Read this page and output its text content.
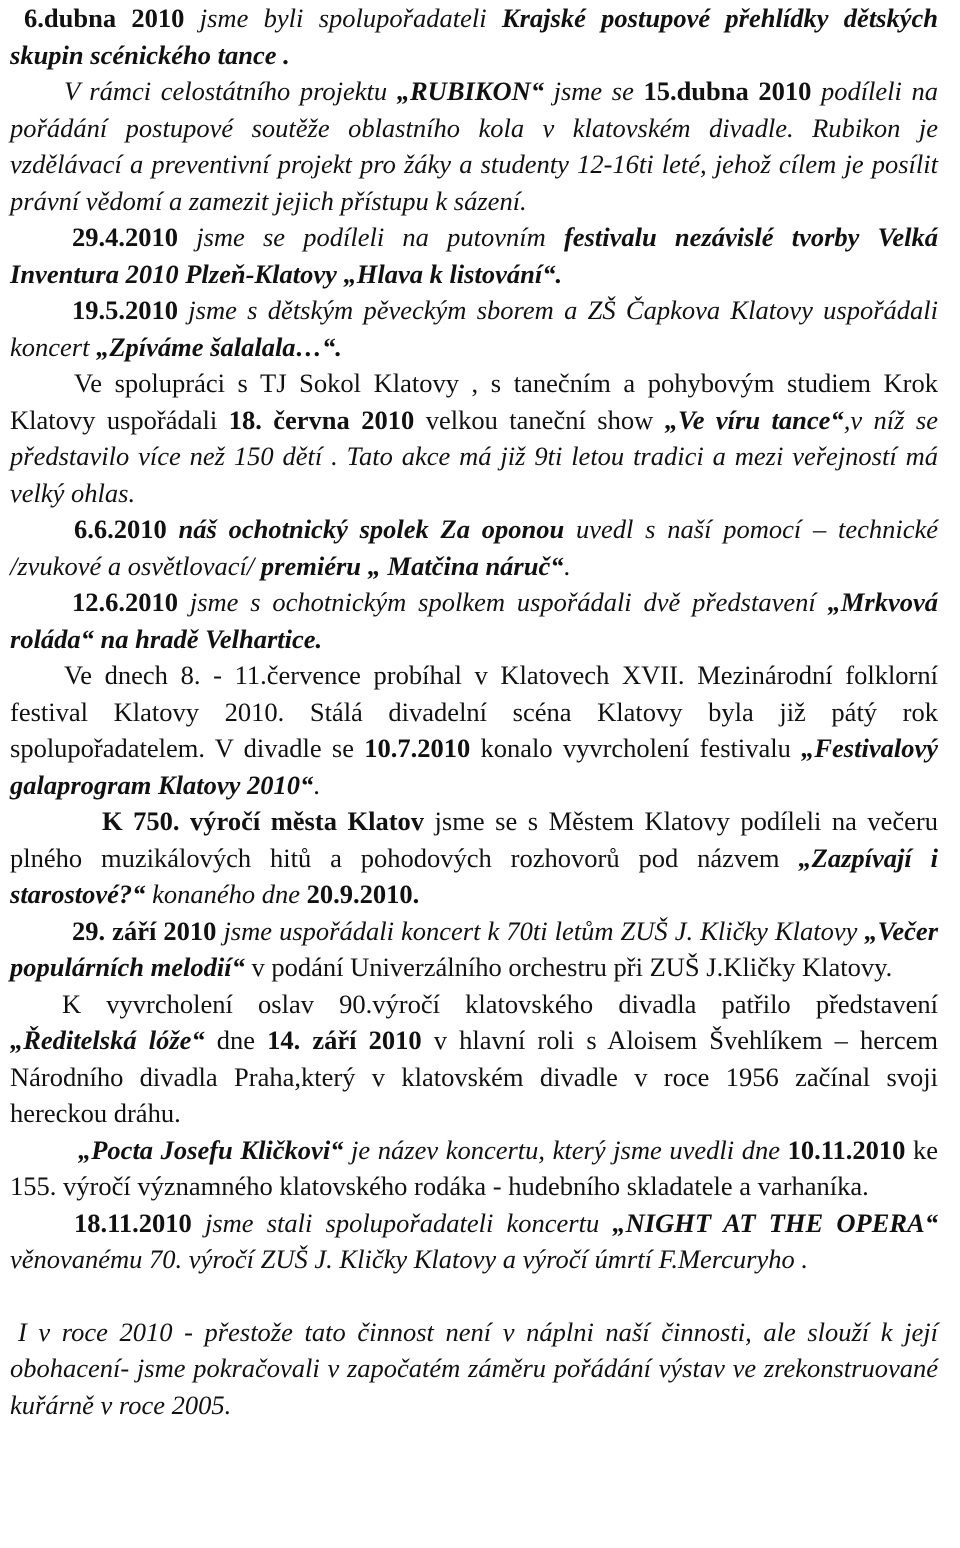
6.dubna 2010 jsme byli spolupořadateli Krajské postupové přehlídky dětských skupin scénického tance .

V rámci celostátního projektu „RUBIKON“ jsme se 15.dubna 2010 podíleli na pořádání postupové soutěže oblastního kola v klatovském divadle. Rubikon je vzdělávací a preventivní projekt pro žáky a studenty 12-16ti leté, jehož cílem je posílit právní vědomí a zamezit jejich přístupu k sázení.

29.4.2010 jsme se podíleli na putovním festivalu nezávislé tvorby Velká Inventura 2010 Plzeň-Klatovy „Hlava k listování“.

19.5.2010 jsme s dětským pěveckým sborem a ZŠ Čapkova Klatovy uspořádali koncert „Zpíváme šalalala…“.

Ve spolupráci s TJ Sokol Klatovy , s tanečním a pohybovým studiem Krok Klatovy uspořádali 18. června 2010 velkou taneční show „Ve víru tance“,v níž se představilo více než 150 dětí . Tato akce má již 9ti letou tradici a mezi veřejností má velký ohlas.

6.6.2010 náš ochotnický spolek Za oponou uvedl s naší pomocí – technické /zvukové a osvětlovací/ premiéru „ Matčina náruč“.

12.6.2010 jsme s ochotnickým spolkem uspořádali dvě představení „Mrkvová roláda“ na hradě Velhartice.

Ve dnech 8. - 11.července probíhal v Klatovech XVII. Mezinárodní folklorní festival Klatovy 2010. Stálá divadelní scéna Klatovy byla již pátý rok spolupořadatelem. V divadle se 10.7.2010 konalo vyvrcholení festivalu „Festivalový galaprogram Klatovy 2010“.

K 750. výročí města Klatov jsme se s Městem Klatovy podíleli na večeru plného muzikálových hitů a pohodových rozhovorů pod názvem „Zazpívají i starostové?“ konaného dne 20.9.2010.

29. září 2010 jsme uspořádali koncert k 70ti letům ZUŠ J. Kličky Klatovy „Večer populárních melodií“ v podání Univerzálního orchestru při ZUŠ J.Kličky Klatovy.

K vyvrcholení oslav 90.výročí klatovského divadla patřilo představení „Ředitelská lóže“ dne 14. září 2010 v hlavní roli s Aloisem Švehlíkem – hercem Národního divadla Praha,který v klatovském divadle v roce 1956 začínal svoji hereckou dráhu.

„Pocta Josefu Kličkovi“ je název koncertu, který jsme uvedli dne 10.11.2010 ke 155. výročí významného klatovského rodáka - hudebního skladatele a varhaníka.

18.11.2010 jsme stali spolupořadateli koncertu „NIGHT AT THE OPERA“ věnovanému 70. výročí ZUŠ J. Kličky Klatovy a výročí úmrtí F.Mercuryho .

I v roce 2010 - přestože tato činnost není v náplni naší činnosti, ale slouží k její obohacení- jsme pokračovali v započatém záměru pořádání výstav ve zrekonstruované kuřárně v roce 2005.
